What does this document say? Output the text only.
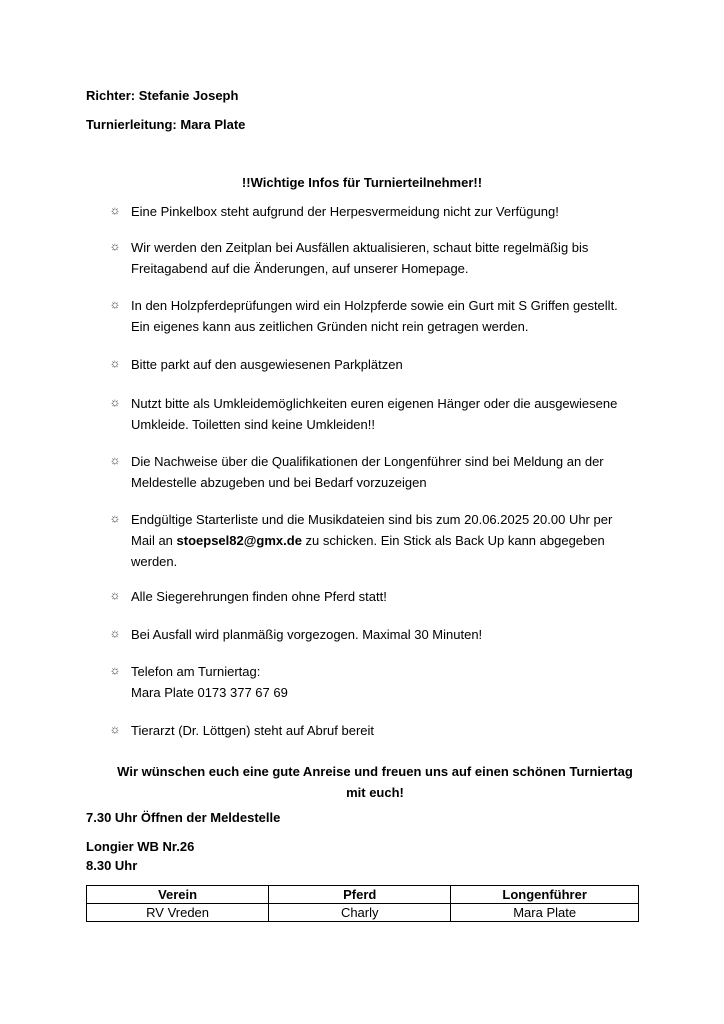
Richter: Stefanie Joseph
Turnierleitung: Mara Plate
!!Wichtige Infos für Turnierteilnehmer!!
☼ Eine Pinkelbox steht aufgrund der Herpesvermeidung nicht zur Verfügung!
☼ Wir werden den Zeitplan bei Ausfällen aktualisieren, schaut bitte regelmäßig bis
Freitagabend auf die Änderungen, auf unserer Homepage.
☼ In den Holzpferdeprüfungen wird ein Holzpferde sowie ein Gurt mit S Griffen gestellt.
Ein eigenes kann aus zeitlichen Gründen nicht rein getragen werden.
☼ Bitte parkt auf den ausgewiesenen Parkplätzen
☼ Nutzt bitte als Umkleidemöglichkeiten euren eigenen Hänger oder die ausgewiesene
Umkleide. Toiletten sind keine Umkleiden!!
☼ Die Nachweise über die Qualifikationen der Longenführer sind bei Meldung an der
Meldestelle abzugeben und bei Bedarf vorzuzeigen
☼ Endgültige Starterliste und die Musikdateien sind bis zum 20.06.2025 20.00 Uhr per
Mail an stoepsel82@gmx.de zu schicken. Ein Stick als Back Up kann abgegeben
werden.
☼ Alle Siegerehrungen finden ohne Pferd statt!
☼ Bei Ausfall wird planmäßig vorgezogen. Maximal 30 Minuten!
☼ Telefon am Turniertag:
Mara Plate 0173 377 67 69
☼ Tierarzt (Dr. Löttgen) steht auf Abruf bereit
Wir wünschen euch eine gute Anreise und freuen uns auf einen schönen Turniertag
mit euch!
7.30 Uhr Öffnen der Meldestelle
Longier WB Nr.26
8.30 Uhr
Verein	Pferd	Longenführer
RV Vreden	Charly	Mara Plate
